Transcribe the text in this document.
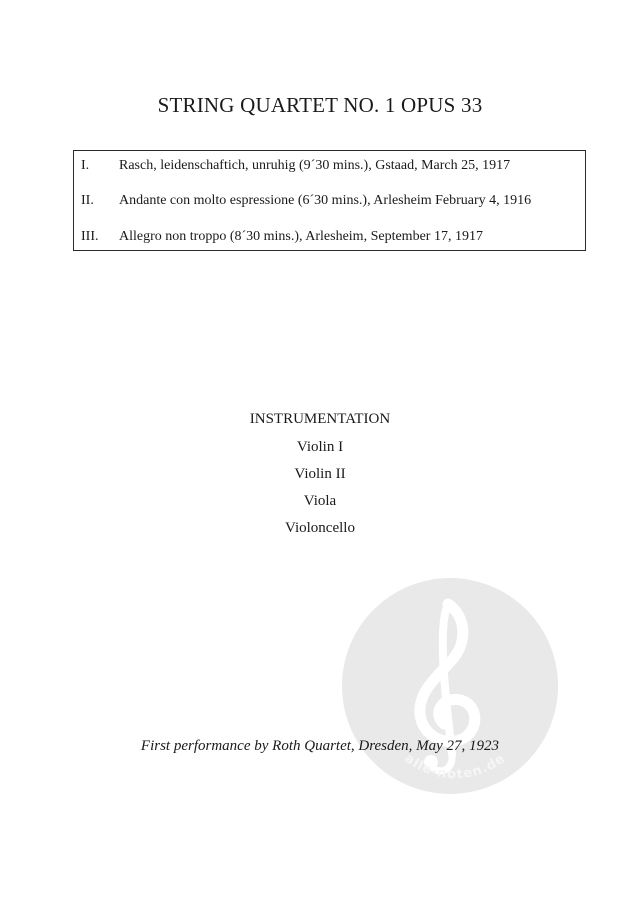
STRING QUARTET NO. 1 OPUS 33
I. Rasch, leidenschaftich, unruhig (9´30 mins.), Gstaad, March 25, 1917
II. Andante con molto espressione (6´30 mins.), Arlesheim February 4, 1916
III. Allegro non troppo (8´30 mins.), Arlesheim, September 17, 1917
INSTRUMENTATION
Violin I
Violin II
Viola
Violoncello
alle-noten.de
First performance by Roth Quartet, Dresden, May 27, 1923
